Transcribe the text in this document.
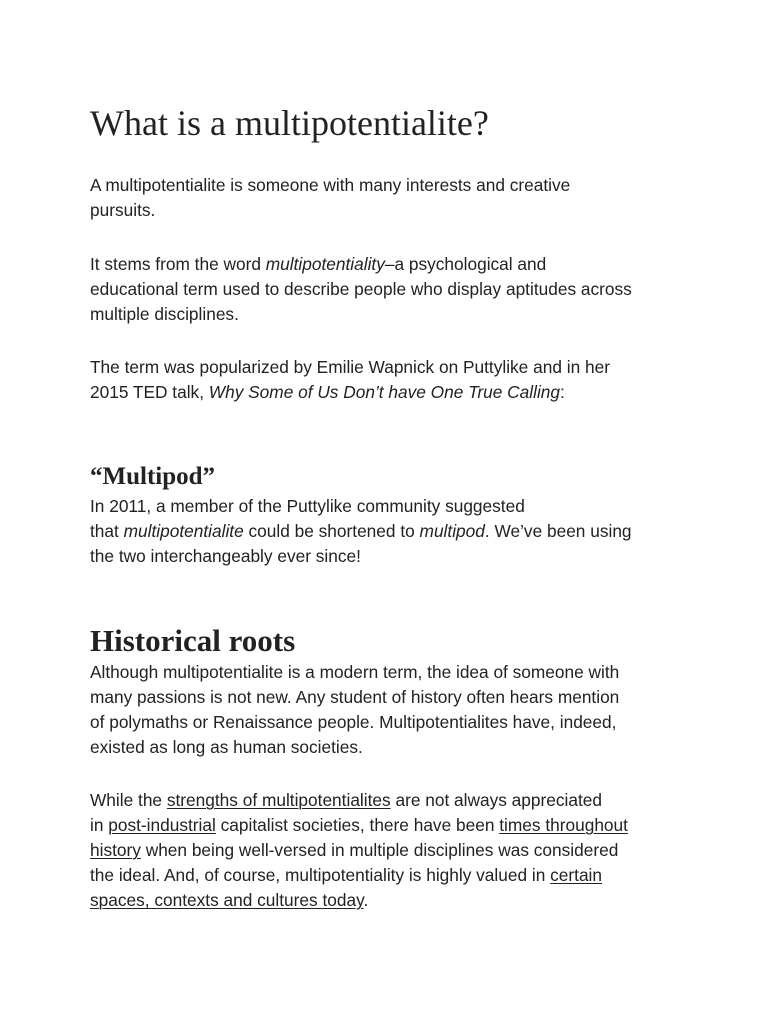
What is a multipotentialite?

A multipotentialite is someone with many interests and creative
pursuits.

It stems from the word multipotentiality–a psychological and
educational term used to describe people who display aptitudes across
multiple disciplines.

The term was popularized by Emilie Wapnick on Puttylike and in her
2015 TED talk, Why Some of Us Don’t have One True Calling:

“Multipod”

In 2011, a member of the Puttylike community suggested
that multipotentialite could be shortened to multipod. We’ve been using
the two interchangeably ever since!

Historical roots

Although multipotentialite is a modern term, the idea of someone with
many passions is not new. Any student of history often hears mention
of polymaths or Renaissance people. Multipotentialites have, indeed,
existed as long as human societies.

While the strengths of multipotentialites are not always appreciated
in post-industrial capitalist societies, there have been times throughout
history when being well-versed in multiple disciplines was considered
the ideal. And, of course, multipotentiality is highly valued in certain
spaces, contexts and cultures today.
